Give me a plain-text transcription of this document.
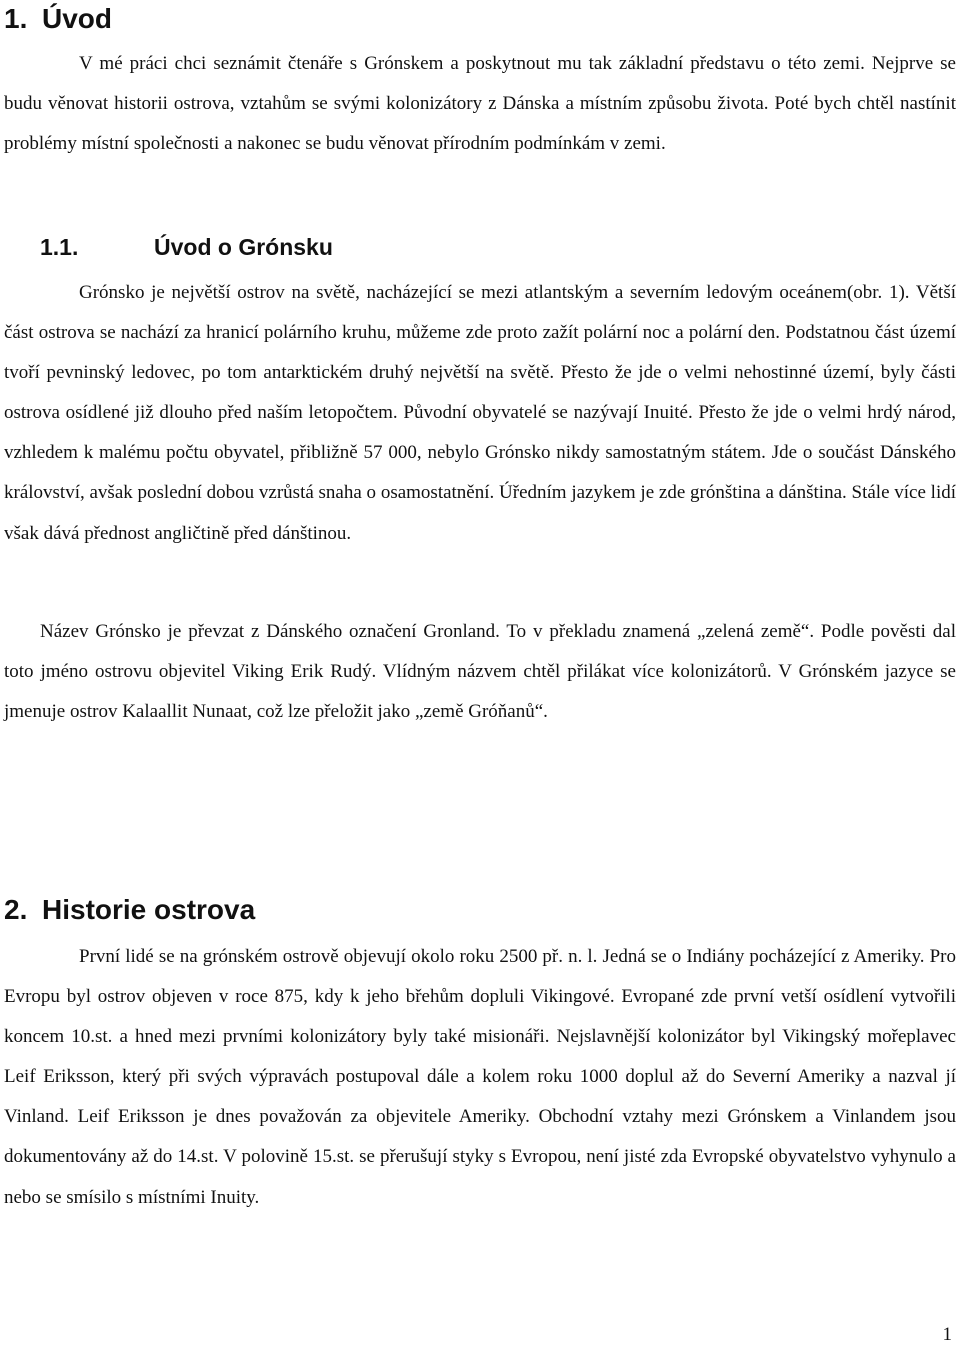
1. Úvod

V mé práci chci seznámit čtenáře s Grónskem a poskytnout mu tak základní představu o této zemi. Nejprve se budu věnovat historii ostrova, vztahům se svými kolonizátory z Dánska a místním způsobu života. Poté bych chtěl nastínit problémy místní společnosti a nakonec se budu věnovat přírodním podmínkám v zemi.

1.1.	Úvod o Grónsku

Grónsko je největší ostrov na světě, nacházející se mezi atlantským a severním ledovým oceánem(obr. 1). Větší část ostrova se nachází za hranicí polárního kruhu, můžeme zde proto zažít polární noc a polární den. Podstatnou část území tvoří pevninský ledovec, po tom antarktickém druhý největší na světě. Přesto že jde o velmi nehostinné území, byly části ostrova osídlené již dlouho před naším letopočtem. Původní obyvatelé se nazývají Inuité. Přesto že jde o velmi hrdý národ, vzhledem k malému počtu obyvatel, přibližně 57 000, nebylo Grónsko nikdy samostatným státem. Jde o součást Dánského království, avšak poslední dobou vzrůstá snaha o osamostatnění. Úředním jazykem je zde grónština a dánština. Stále více lidí však dává přednost angličtině před dánštinou.

Název Grónsko je převzat z Dánského označení Gronland. To v překladu znamená „zelená země“. Podle pověsti dal toto jméno ostrovu objevitel Viking Erik Rudý. Vlídným názvem chtěl přilákat více kolonizátorů. V Grónském jazyce se jmenuje ostrov Kalaallit Nunaat, což lze přeložit jako „země Gróňanů“.

2. Historie ostrova

První lidé se na grónském ostrově objevují okolo roku 2500 př. n. l. Jedná se o Indiány pocházející z Ameriky. Pro Evropu byl ostrov objeven v roce 875, kdy k jeho břehům dopluli Vikingové. Evropané zde první vetší osídlení vytvořili koncem 10.st. a hned mezi prvními kolonizátory byly také misionáři. Nejslavnější kolonizátor byl Vikingský mořeplavec Leif Eriksson, který při svých výpravách postupoval dále a kolem roku 1000 doplul až do Severní Ameriky a nazval jí Vinland. Leif Eriksson je dnes považován za objevitele Ameriky. Obchodní vztahy mezi Grónskem a Vinlandem jsou dokumentovány až do 14.st. V polovině 15.st. se přerušují styky s Evropou, není jisté zda Evropské obyvatelstvo vyhynulo a nebo se smísilo s místními Inuity.

1
